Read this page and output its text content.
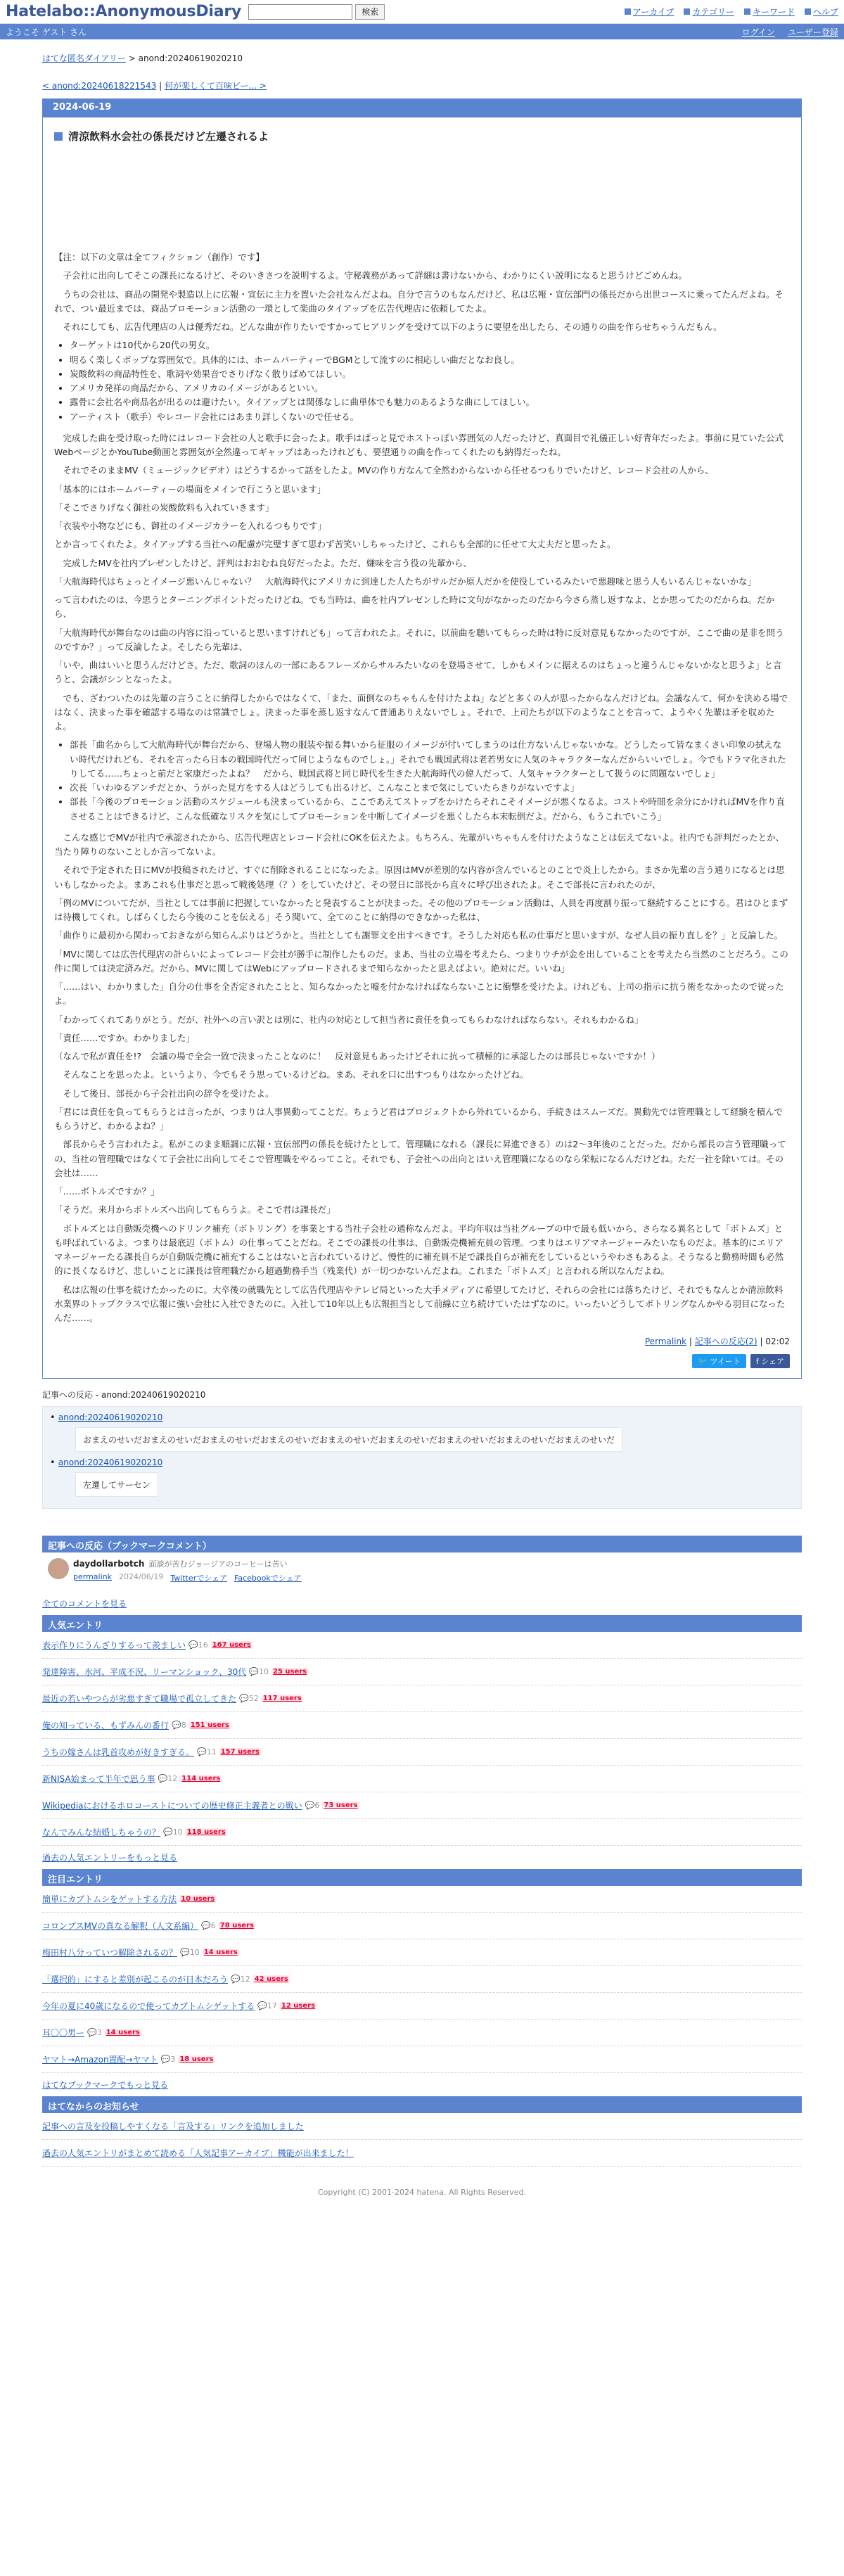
Hatelabo::AnonymousDiary	検索	アーカイブ カテゴリー キーワード ヘルプ
ようこそ ゲスト さん	ログイン ユーザー登録
はてな匿名ダイアリー > anond:20240619020210
< anond:20240618221543 | 何が楽しくて百味ビー... >
2024-06-19
清涼飲料水会社の係長だけど左遷されるよ

【注：以下の文章は全てフィクション（創作）です】

子会社に出向してそこの課長になるけど、そのいきさつを説明するよ。守秘義務があって詳細は書けないから、わかりにくい説明になると思うけどごめんね。

うちの会社は、商品の開発や製造以上に広報・宣伝に主力を置いた会社なんだよね。自分で言うのもなんだけど、私は広報・宣伝部門の係長だから出世コースに乗ってたんだよね。それで、つい最近までは、商品プロモーション活動の一環として楽曲のタイアップを広告代理店に依頼してたよ。

それにしても、広告代理店の人は優秀だね。どんな曲が作りたいですかってヒアリングを受けて以下のように要望を出したら、その通りの曲を作らせちゃうんだもん。

• ターゲットは10代から20代の男女。
• 明るく楽しくポップな雰囲気で。具体的には、ホームパーティーでBGMとして流すのに相応しい曲だとなお良し。
• 炭酸飲料の商品特性を、歌詞や効果音でさりげなく散りばめてほしい。
• アメリカ発祥の商品だから、アメリカのイメージがあるといい。
• 露骨に会社名や商品名が出るのは避けたい。タイアップとは関係なしに曲単体でも魅力のあるような曲にしてほしい。
• アーティスト（歌手）やレコード会社にはあまり詳しくないので任せる。

完成した曲を受け取った時にはレコード会社の人と歌手に会ったよ。歌手はぱっと見でホストっぽい雰囲気の人だったけど、真面目で礼儀正しい好青年だったよ。事前に見ていた公式WebページとかYouTube動画と雰囲気が全然違ってギャップはあったけれども、要望通りの曲を作ってくれたのも納得だったね。

それでそのままMV（ミュージックビデオ）はどうするかって話をしたよ。MVの作り方なんて全然わからないから任せるつもりでいたけど、レコード会社の人から、

「基本的にはホームパーティーの場面をメインで行こうと思います」

「そこでさりげなく御社の炭酸飲料も入れていきます」

「衣装や小物などにも、御社のイメージカラーを入れるつもりです」

とか言ってくれたよ。タイアップする当社への配慮が完璧すぎて思わず苦笑いしちゃったけど、これらも全部的に任せて大丈夫だと思ったよ。

完成したMVを社内プレゼンしたけど、評判はおおむね良好だったよ。ただ、嫌味を言う役の先輩から、

「大航海時代はちょっとイメージ悪いんじゃない？　大航海時代にアメリカに到達した人たちがサルだか原人だかを使役しているみたいで悪趣味と思う人もいるんじゃないかな」

って言われたのは、今思うとターニングポイントだったけどね。でも当時は、曲を社内プレゼンした時に文句がなかったのだから今さら蒸し返すなよ、とか思ってたのだからね。だから、

「大航海時代が舞台なのは曲の内容に沿っていると思いますけれども」って言われたよ。それに、以前曲を聴いてもらった時は特に反対意見もなかったのですが、ここで曲の是非を問うのですか？」って反論したよ。そしたら先輩は、

「いや、曲はいいと思うんだけどさ。ただ、歌詞のほんの一部にあるフレーズからサルみたいなのを登場させて、しかもメインに据えるのはちょっと違うんじゃないかなと思うよ」と言うと、会議がシンとなったよ。

でも、ざわついたのは先輩の言うことに納得したからではなくて、「また、面倒なのちゃもんを付けたよね」などと多くの人が思ったからなんだけどね。会議なんて、何かを決める場ではなく、決まった事を確認する場なのは常識でしょ。決まった事を蒸し返すなんて普通ありえないでしょ。それで、上司たちが以下のようなことを言って、ようやく先輩は矛を収めたよ。

• 部長「曲名からして大航海時代が舞台だから、登場人物の服装や振る舞いから征服のイメージが付いてしまうのは仕方ないんじゃないかな。どうしたって皆なまくさい印象の拭えない時代だけれども、それを言ったら日本の戦国時代だって同じようなものでしょ。」それでも戦国武将は老若男女に人気のキャラクターなんだからいいでしょ。今でもドラマ化されたりしてる……ちょっと前だと家康だったよね？　だから、戦国武将と同じ時代を生きた大航海時代の偉人だって、人気キャラクターとして扱うのに問題ないでしょ」
• 次長「いわゆるアンチだとか、うがった見方をする人はどうしても出るけど、こんなことまで気にしていたらきりがないですよ」
• 部長「今後のプロモーション活動のスケジュールも決まっているから、ここであえてストップをかけたらそれこそイメージが悪くなるよ。コストや時間を余分にかければMVを作り直させることはできるけど、こんな低確なリスクを気にしてプロモーションを中断してイメージを悪くしたら本末転倒だよ。だから、もうこれでいこう」

こんな感じでMVが社内で承認されたから、広告代理店とレコード会社にOKを伝えたよ。もちろん、先輩がいちゃもんを付けたようなことは伝えてないよ。社内でも評判だったとか、当たり障りのないことしか言ってないよ。

それで予定された日にMVが投稿されたけど、すぐに削除されることになったよ。原因はMVが差別的な内容が含んでいるとのことで炎上したから。まさか先輩の言う通りになるとは思いもしなかったよ。まあこれも仕事だと思って戦後処理（？）をしていたけど、その翌日に部長から直々に呼び出されたよ。そこで部長に言われたのが、

「例のMVについてだが、当社としては事前に把握していなかったと発表することが決まった。その他のプロモーション活動は、人員を再度割り振って継続することにする。君はひとまずは待機してくれ。しばらくしたら今後のことを伝える」そう聞いて、全てのことに納得のできなかった私は、

「曲作りに最初から関わっておきながら知らんぷりはどうかと。当社としても謝罪文を出すべきです。そうした対応も私の仕事だと思いますが、なぜ人員の振り直しを？」と反論した。

「MVに関しては広告代理店の計らいによってレコード会社が勝手に制作したものだ。まあ、当社の立場を考えたら、つまりウチが金を出していることを考えたら当然のことだろう。この件に関しては決定済みだ。だから、MVに関してはWebにアップロードされるまで知らなかったと思えばよい。絶対にだ。いいね」

「……はい、わかりました」自分の仕事を全否定されたことと、知らなかったと嘘を付かなければならないことに衝撃を受けたよ。けれども、上司の指示に抗う術をなかったので従ったよ。

「わかってくれてありがとう。だが、社外への言い訳とは別に、社内の対応として担当者に責任を負ってもらわなければならない。それもわかるね」

「責任……ですか。わかりました」

（なんで私が責任を!?　会議の場で全会一致で決まったことなのに！　反対意見もあったけどそれに抗って積極的に承認したのは部長じゃないですか！）

そんなことを思ったよ。というより、今でもそう思っているけどね。まあ、それを口に出すつもりはなかったけどね。

そして後日、部長から子会社出向の辞令を受けたよ。

「君には責任を負ってもらうとは言ったが、つまりは人事異動ってことだ。ちょうど君はプロジェクトから外れているから、手続きはスムーズだ。異動先では管理職として経験を積んでもらうけど、わかるよね？」

部長からそう言われたよ。私がこのまま順調に広報・宣伝部門の係長を続けたとして、管理職になれる（課長に昇進できる）のは2〜3年後のことだった。だから部長の言う管理職っての、当社の管理職ではなくて子会社に出向してそこで管理職をやるってこと。それでも、子会社への出向とはいえ管理職になるのなら栄転になるんだけどね。ただ一社を除いては。その会社は……

「……ボトルズですか？」

「そうだ。来月からボトルズへ出向してもらうよ。そこで君は課長だ」

ボトルズとは自動販売機へのドリンク補充（ボトリング）を事業とする当社子会社の通称なんだよ。平均年収は当社グループの中で最も低いから、さらなる異名として「ボトムズ」とも呼ばれているよ。つまりは最底辺（ボトム）の仕事ってことだね。そこでの課長の仕事は、自動販売機補充員の管理。つまりはエリアマネージャーみたいなものだよ。基本的にエリアマネージャーたる課長自らが自動販売機に補充することはないと言われているけど、慢性的に補充員不足で課長自らが補充をしているというやわさもあるよ。そうなると勤務時間も必然的に長くなるけど、悲しいことに課長は管理職だから超過勤務手当（残業代）が一切つかないんだよね。これまた「ボトムズ」と言われる所以なんだよね。

私は広報の仕事を続けたかったのに。大卒後の就職先として広告代理店やテレビ局といった大手メディアに希望してたけど、それらの会社には落ちたけど、それでもなんとか清涼飲料水業界のトップクラスで広報に強い会社に入社できたのに。入社して10年以上も広報担当として前線に立ち続けていたはずなのに。いったいどうしてボトリングなんかやる羽目になったんだ……。

Permalink | 記事への反応(2) | 02:02
🐦 ツイート	f シェア
記事への反応 - anond:20240619020210
• anond:20240619020210
おまえのせいだおまえのせいだおまえのせいだおまえのせいだおまえのせいだおまえのせいだおまえのせいだおまえのせいだおまえのせいだ
• anond:20240619020210
左遷してサーセン
記事への反応（ブックマークコメント）
daydollarbotch 面談が苦むジョージアのコーヒーは苦い
permalink 2024/06/19 Twitterでシェア Facebookでシェア
全てのコメントを見る
人気エントリ
表示作りにうんざりするって羨ましい 💬16 167 users
発達障害、氷河、平成不況、リーマンショック、30代 💬10 25 users
最近の若いやつらが劣悪すぎて職場で孤立してきた 💬52 117 users
俺の知っている、もずみんの番行 💬8 151 users
うちの嫁さんは乳首攻めが好きすぎる。 💬11 157 users
新NISA始まって半年で思う事 💬12 114 users
Wikipediaにおけるホロコーストについての歴史修正主義者との戦い 💬6 73 users
なんでみんな結婚しちゃうの？ 💬10 118 users
過去の人気エントリーをもっと見る
注目エントリ
簡単にカブトムシをゲットする方法 10 users
コロンブスMVの真なる解釈（人文系編） 💬6 78 users
梅田村八分っていつ解除されるの？ 💬10 14 users
「選択的」にすると差別が起こるのが日本だろう 💬12 42 users
今年の夏に40歳になるので使ってカブトムシゲットする 💬17 12 users
耳〇〇男ー 💬3 14 users
ヤマト→Amazon置配→ヤマト 💬3 18 users
はてなブックマークでもっと見る
はてなからのお知らせ
記事への言及を投稿しやすくなる「言及する」リンクを追加しました
過去の人気エントリがまとめて読める「人気記事アーカイブ」機能が出来ました！
Copyright (C) 2001-2024 hatena. All Rights Reserved.
